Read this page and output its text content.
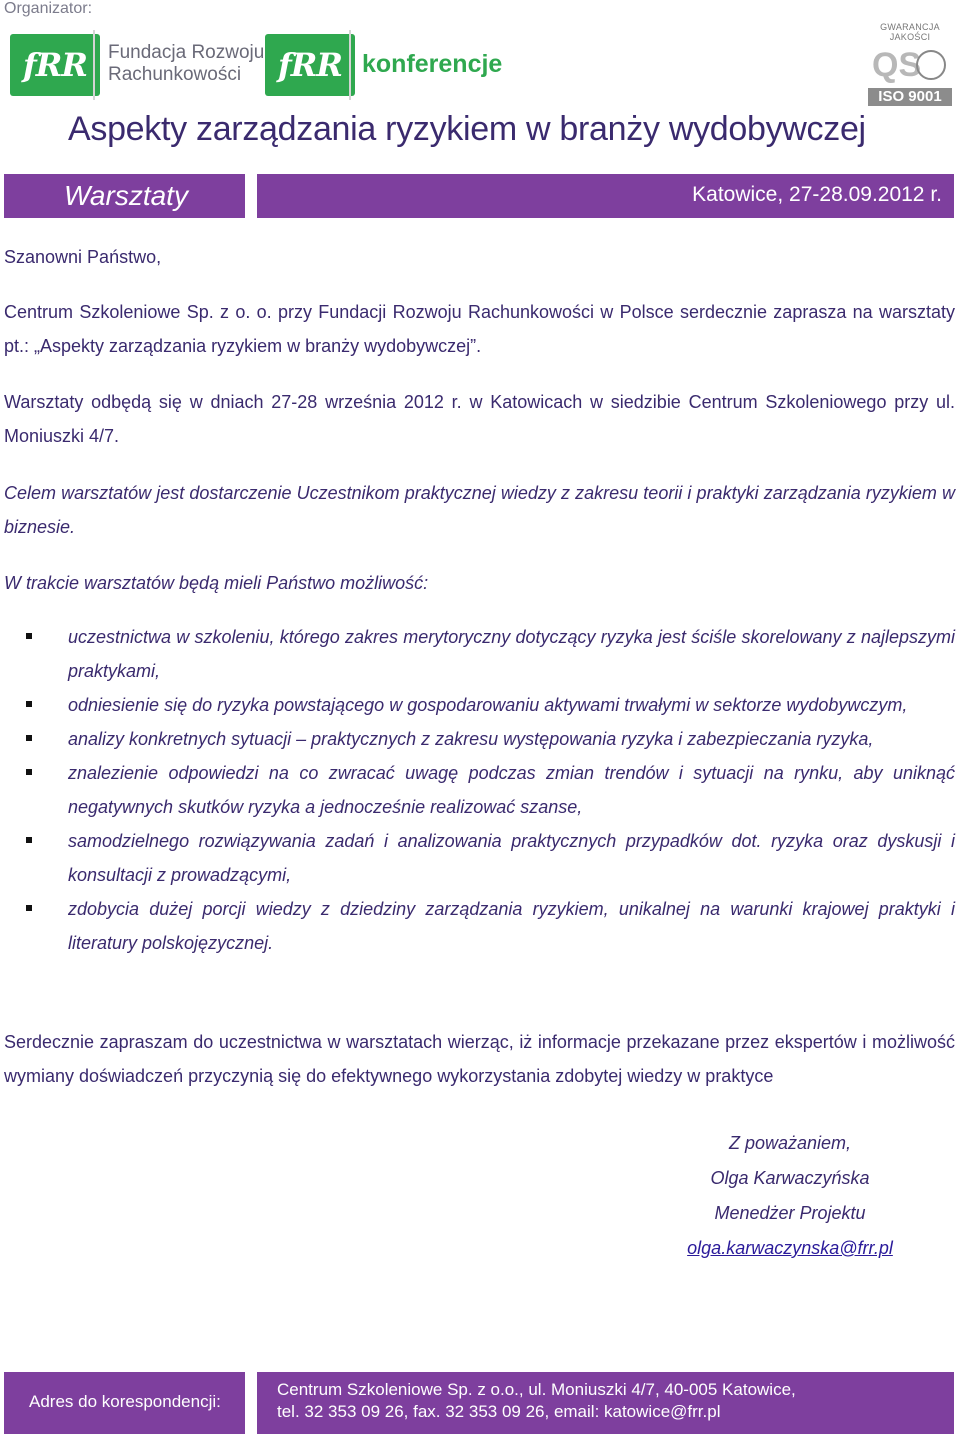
Organizator:
fRR	Fundacja Rozwoju
Rachunkowości	fRR konferencje
GWARANCJA JAKOŚCI
QS
ISO 9001
Aspekty zarządzania ryzykiem w branży wydobywczej
Warsztaty	Katowice, 27-28.09.2012 r.
Szanowni Państwo,
Centrum Szkoleniowe Sp. z o. o. przy Fundacji Rozwoju Rachunkowości w Polsce serdecznie zaprasza na warsztaty pt.: „Aspekty zarządzania ryzykiem w branży wydobywczej”.
Warsztaty odbędą się w dniach 27-28 września 2012 r. w Katowicach w siedzibie Centrum Szkoleniowego przy ul. Moniuszki 4/7.
Celem warsztatów jest dostarczenie Uczestnikom praktycznej wiedzy z zakresu teorii i praktyki zarządzania ryzykiem w biznesie.
W trakcie warsztatów będą mieli Państwo możliwość:
uczestnictwa w szkoleniu, którego zakres merytoryczny dotyczący ryzyka jest ściśle skorelowany z najlepszymi praktykami,
odniesienie się do ryzyka powstającego w gospodarowaniu aktywami trwałymi w sektorze wydobywczym,
analizy konkretnych sytuacji – praktycznych z zakresu występowania ryzyka i zabezpieczania ryzyka,
znalezienie odpowiedzi na co zwracać uwagę podczas zmian trendów i sytuacji na rynku, aby uniknąć negatywnych skutków ryzyka a jednocześnie realizować szanse,
samodzielnego rozwiązywania zadań i analizowania praktycznych przypadków dot. ryzyka oraz dyskusji i konsultacji z prowadzącymi,
zdobycia dużej porcji wiedzy z dziedziny zarządzania ryzykiem, unikalnej na warunki krajowej praktyki i literatury polskojęzycznej.
Serdecznie zapraszam do uczestnictwa w warsztatach wierząc, iż informacje przekazane przez ekspertów i możliwość wymiany doświadczeń przyczynią się do efektywnego wykorzystania zdobytej wiedzy w praktyce
Z poważaniem,
Olga Karwaczyńska
Menedżer Projektu
olga.karwaczynska@frr.pl
Adres do korespondencji:
Centrum Szkoleniowe Sp. z o.o., ul. Moniuszki 4/7, 40-005 Katowice,
tel. 32 353 09 26, fax. 32 353 09 26, email: katowice@frr.pl
